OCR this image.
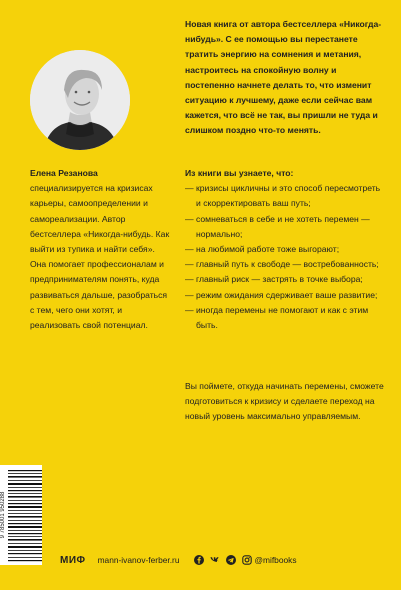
Елена Резанова специализируется на кризисах карьеры, самоопределении и самореализации. Автор бестселлера «Никогда-нибудь. Как выйти из тупика и найти себя». Она помогает профессионалам и предпринимателям понять, куда развиваться дальше, разобраться с тем, чего они хотят, и реализовать свой потенциал.
Новая книга от автора бестселлера «Никогда-нибудь». С ее помощью вы перестанете тратить энергию на сомнения и метания, настроитесь на спокойную волну и постепенно начнете делать то, что изменит ситуацию к лучшему, даже если сейчас вам кажется, что всё не так, вы пришли не туда и слишком поздно что-то менять.
Из книги вы узнаете, что:
— кризисы цикличны и это способ пересмотреть и скорректировать ваш путь;
— сомневаться в себе и не хотеть перемен — нормально;
— на любимой работе тоже выгорают;
— главный путь к свободе — востребованность;
— главный риск — застрять в точке выбора;
— режим ожидания сдерживает ваше развитие;
— иногда перемены не помогают и как с этим быть.
Вы поймете, откуда начинать перемены, сможете подготовиться к кризису и сделаете переход на новый уровень максимально управляемым.
9 785001 950288
МИФ mann-ivanov-ferber.ru	@mifbooks
